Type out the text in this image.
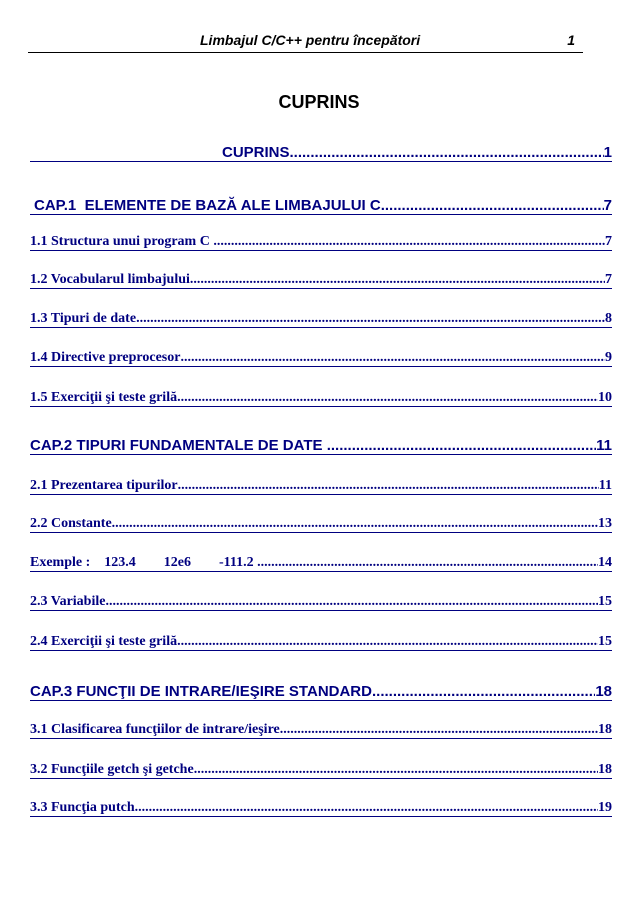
Limbajul C/C++ pentru începători	1
CUPRINS
CUPRINS .....	1
CAP.1  ELEMENTE DE BAZĂ ALE LIMBAJULUI C .....	7
1.1 Structura unui program C .....	7
1.2 Vocabularul limbajului .....	7
1.3 Tipuri de date .....	8
1.4 Directive preprocesor .....	9
1.5 Exerciţii şi teste grilă .....	10
CAP.2 TIPURI FUNDAMENTALE DE DATE .....	11
2.1 Prezentarea tipurilor .....	11
2.2 Constante .....	13
Exemple :    123.4        12e6        -111.2 .....	14
2.3 Variabile .....	15
2.4 Exerciţii şi teste grilă .....	15
CAP.3 FUNCŢII DE INTRARE/IEŞIRE STANDARD .....	18
3.1 Clasificarea funcţiilor de intrare/ieşire .....	18
3.2 Funcţiile getch şi getche .....	18
3.3 Funcţia putch .....	19
